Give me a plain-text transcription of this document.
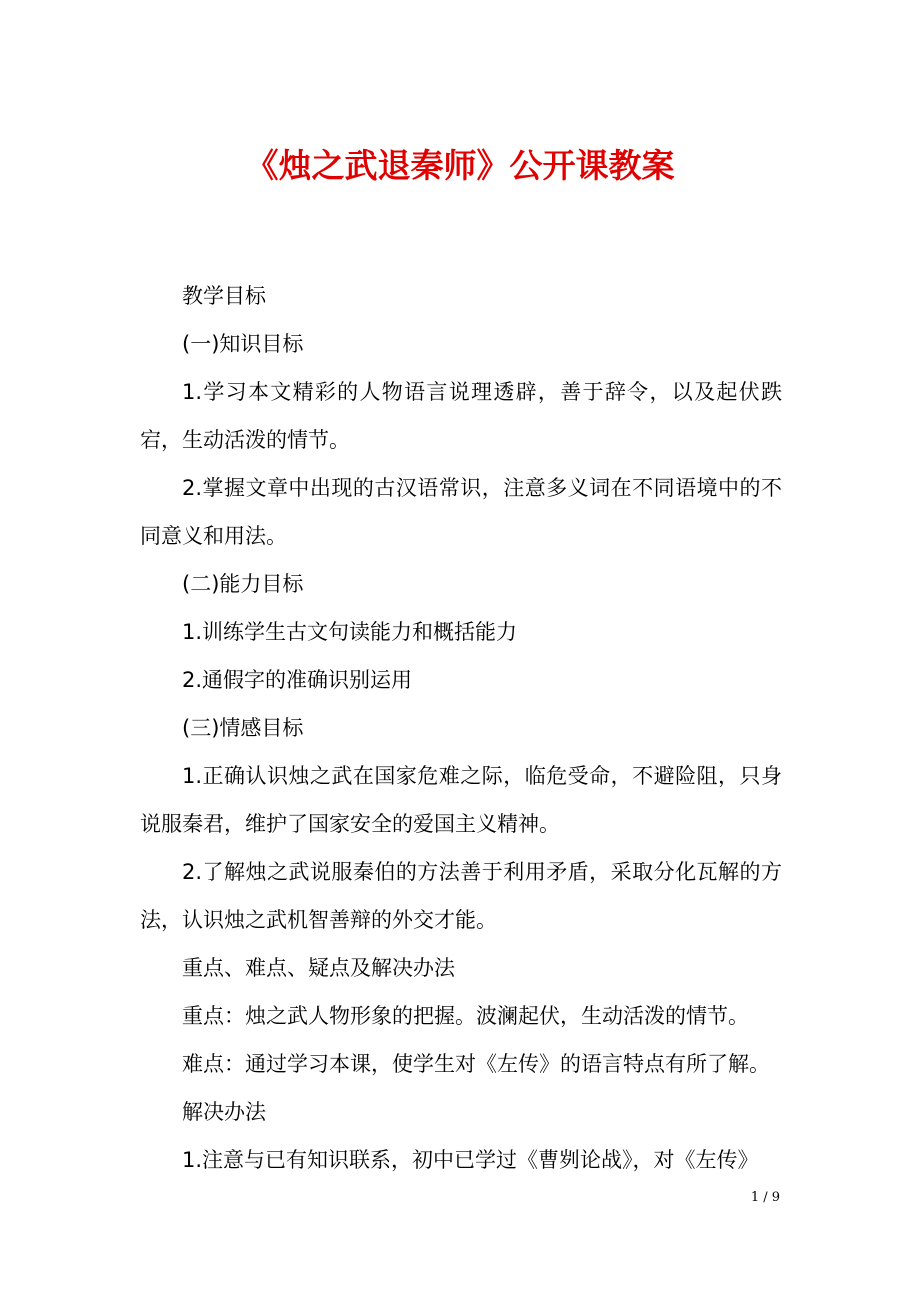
《烛之武退秦师》公开课教案

教学目标

(一)知识目标

1.学习本文精彩的人物语言说理透辟，善于辞令，以及起伏跌宕，生动活泼的情节。

2.掌握文章中出现的古汉语常识，注意多义词在不同语境中的不同意义和用法。

(二)能力目标

1.训练学生古文句读能力和概括能力

2.通假字的准确识别运用

(三)情感目标

1.正确认识烛之武在国家危难之际，临危受命，不避险阻，只身说服秦君，维护了国家安全的爱国主义精神。

2.了解烛之武说服秦伯的方法善于利用矛盾，采取分化瓦解的方法，认识烛之武机智善辩的外交才能。

重点、难点、疑点及解决办法

重点：烛之武人物形象的把握。波澜起伏，生动活泼的情节。

难点：通过学习本课，使学生对《左传》的语言特点有所了解。

解决办法

1.注意与已有知识联系，初中已学过《曹刿论战》，对《左传》

1 / 9
